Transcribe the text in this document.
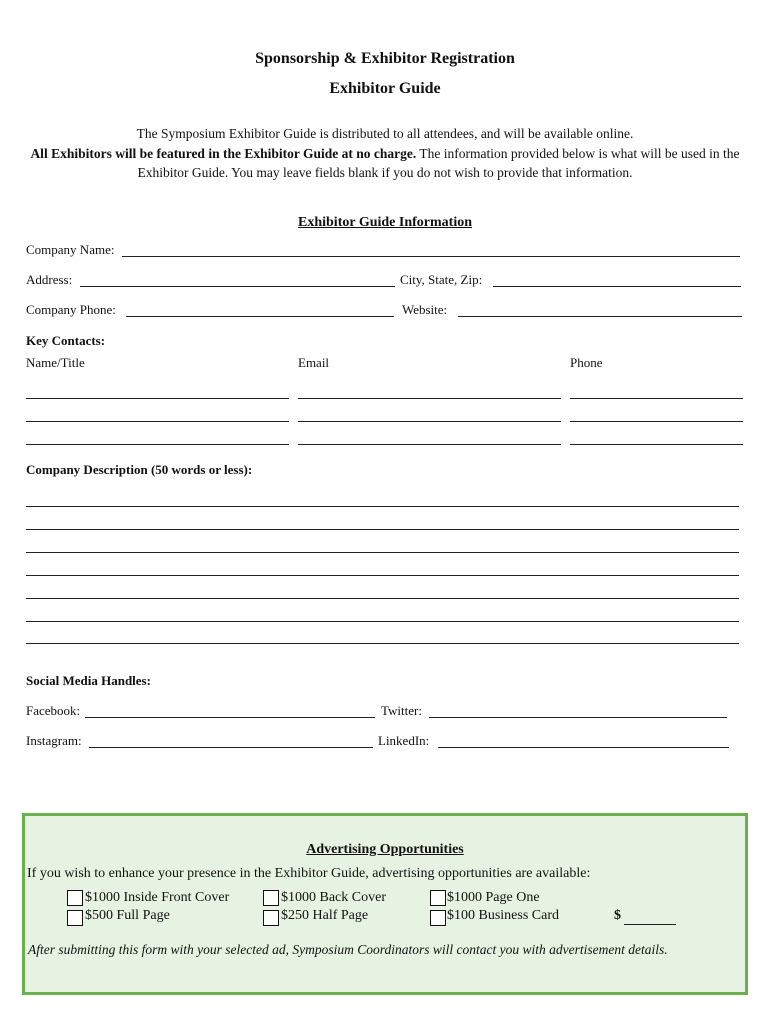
Sponsorship & Exhibitor Registration
Exhibitor Guide
The Symposium Exhibitor Guide is distributed to all attendees, and will be available online.
All Exhibitors will be featured in the Exhibitor Guide at no charge. The information provided below is what will be used in the Exhibitor Guide. You may leave fields blank if you do not wish to provide that information.
Exhibitor Guide Information
Company Name:
Address:	City, State, Zip:
Company Phone:	Website:
Key Contacts:
Name/Title	Email	Phone
Company Description (50 words or less):
Social Media Handles:
Facebook:	Twitter:
Instagram:	LinkedIn:
Advertising Opportunities
If you wish to enhance your presence in the Exhibitor Guide, advertising opportunities are available:
$1000 Inside Front Cover	$1000 Back Cover	$1000 Page One
$500 Full Page	$250 Half Page	$100 Business Card	$
After submitting this form with your selected ad, Symposium Coordinators will contact you with advertisement details.
